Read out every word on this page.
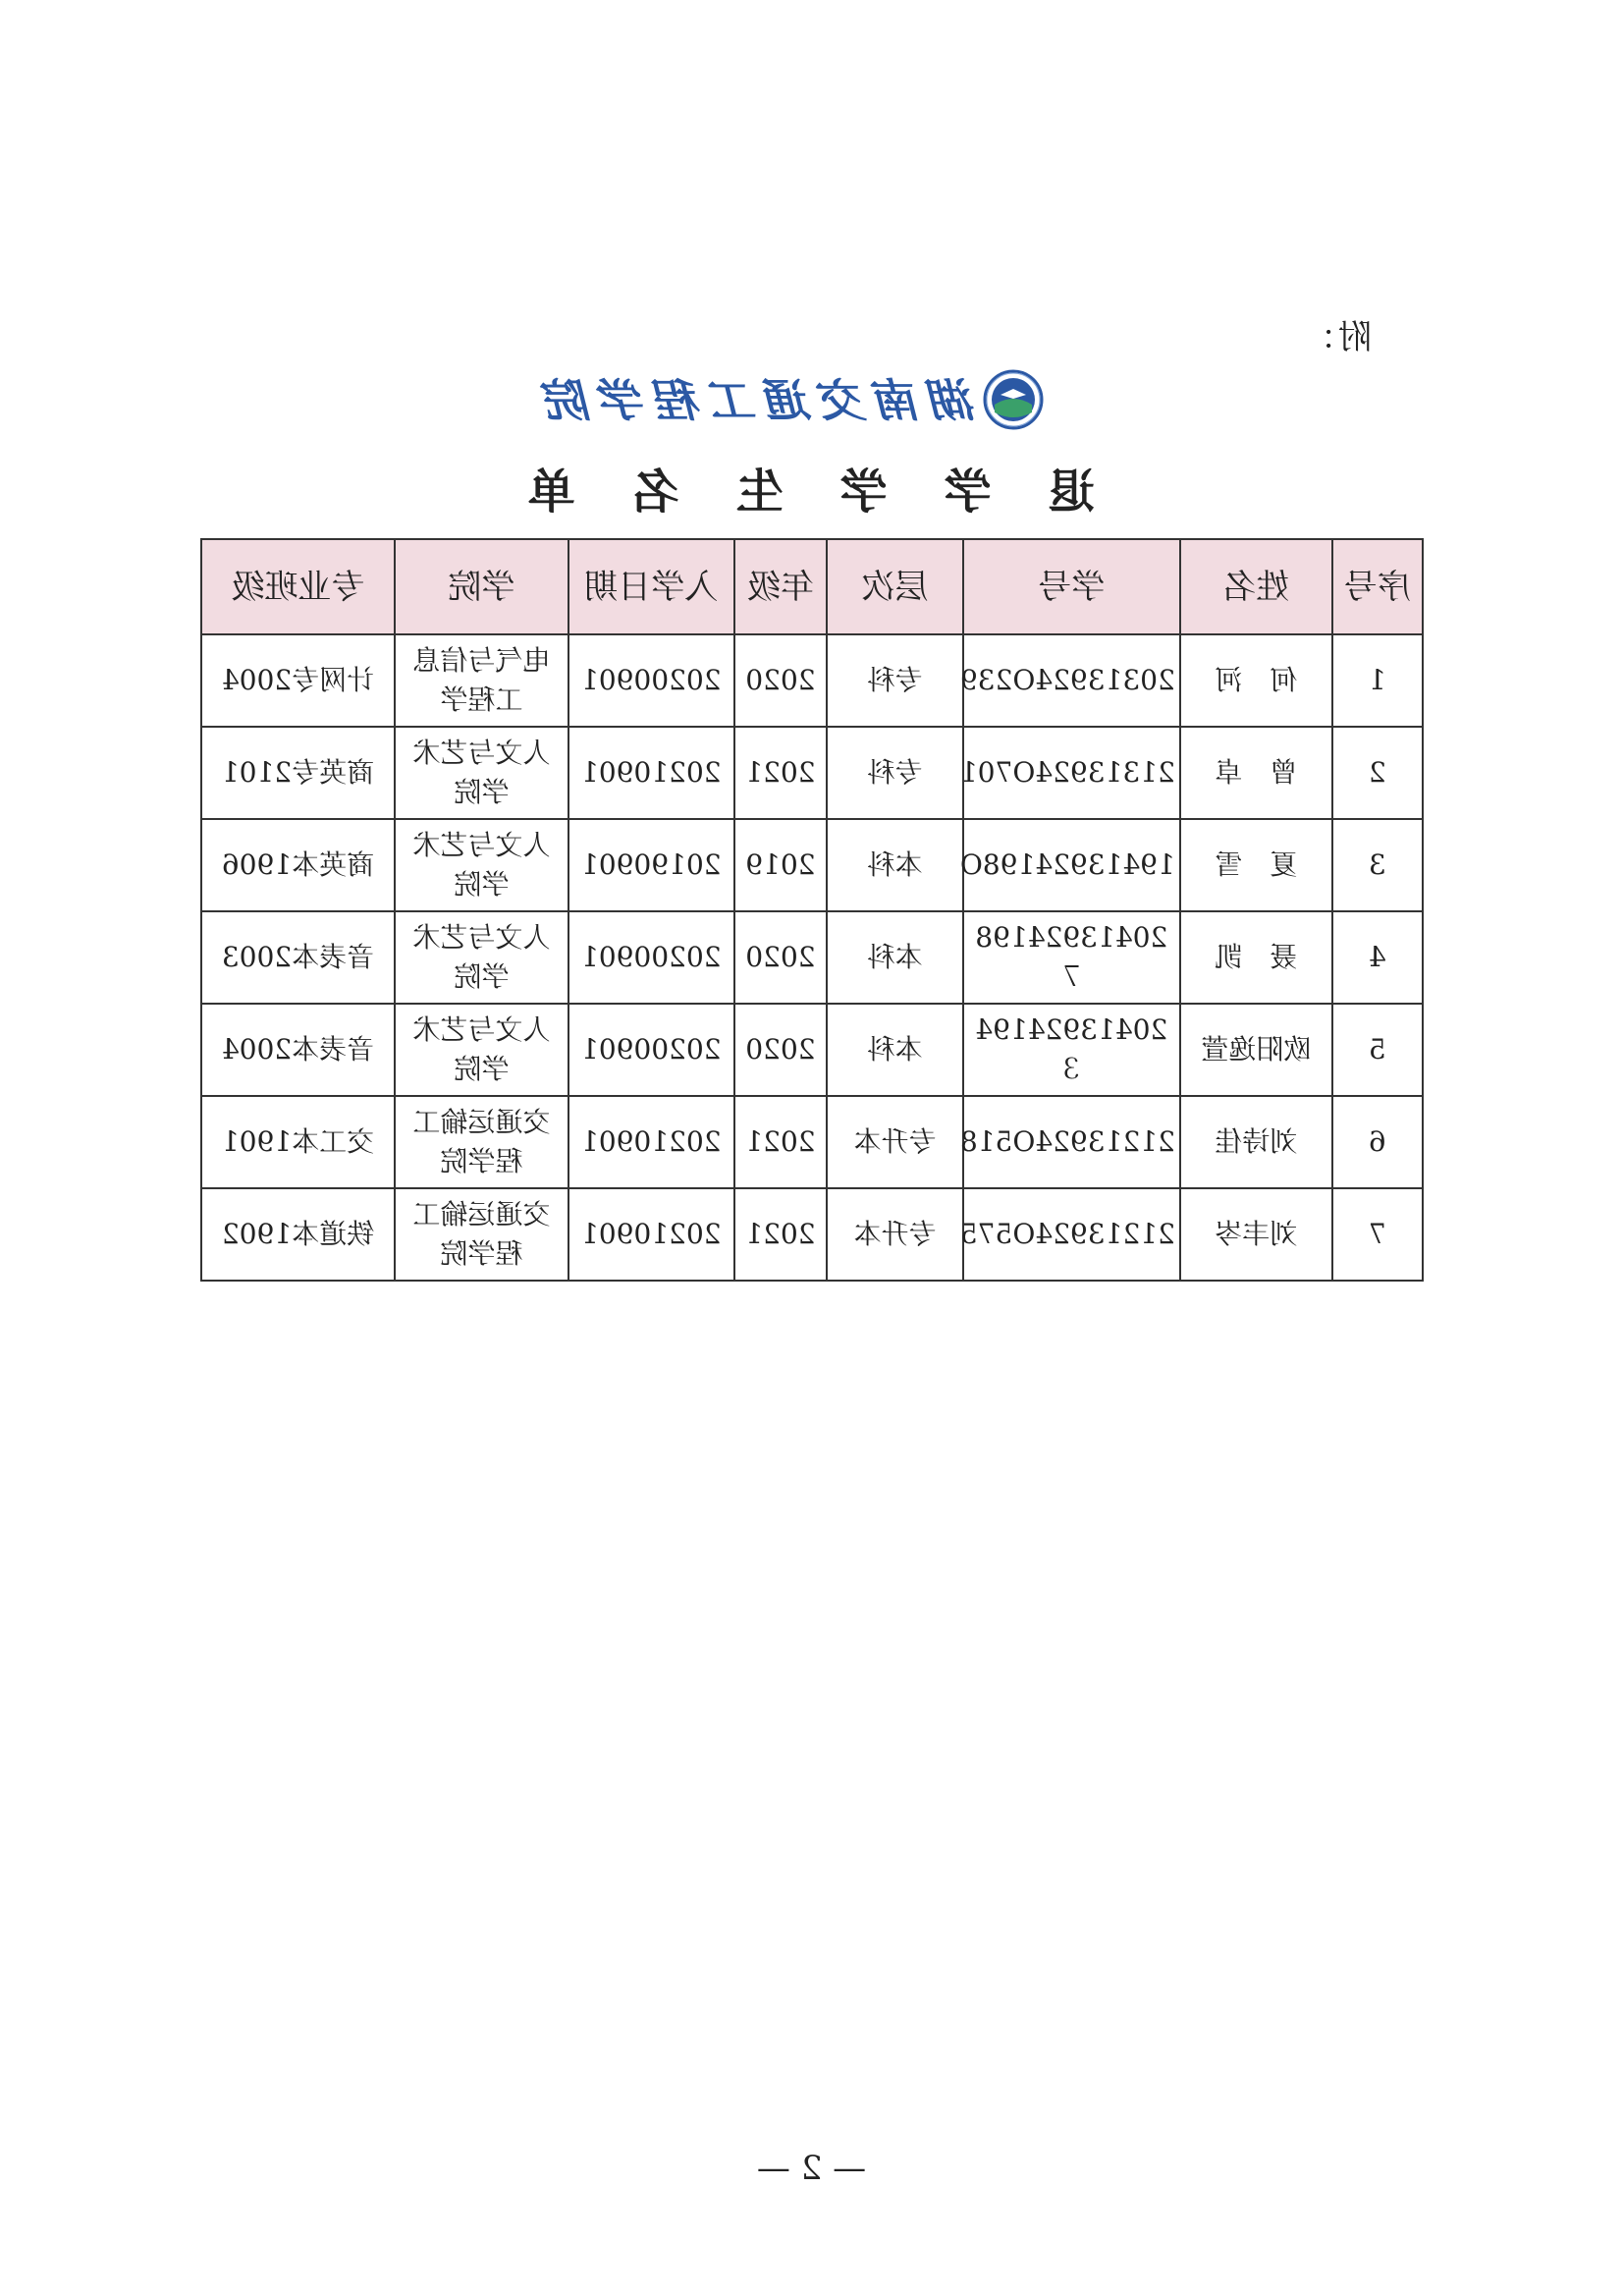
附：
湖南交通工程学院
退学学生名单
序号	姓名	学号	层次	年级	入学日期	学院	专业班级
1	何　河	20313924O239	专科	2020	20200901	电气与信息工程学	计网专2004
2	曾　卓	21313924O701	专科	2021	20210901	人文与艺术学院	商英专2101
3	夏　雪	19413924198O	本科	2019	20190901	人文与艺术学院	商英本1906
4	聂　凯	20413924198７	本科	2020	20200901	人文与艺术学院	音表本2003
5	欧阳逸萱	20413924194３	本科	2020	20200901	人文与艺术学院	音表本2004
6	刘诗佳	21213924O518	专升本	2021	20210901	交通运输工程学院	交工本1901
7	刘丰岑	21213924O575	专升本	2021	20210901	交通运输工程学院	铁道本1902
— 2 —
